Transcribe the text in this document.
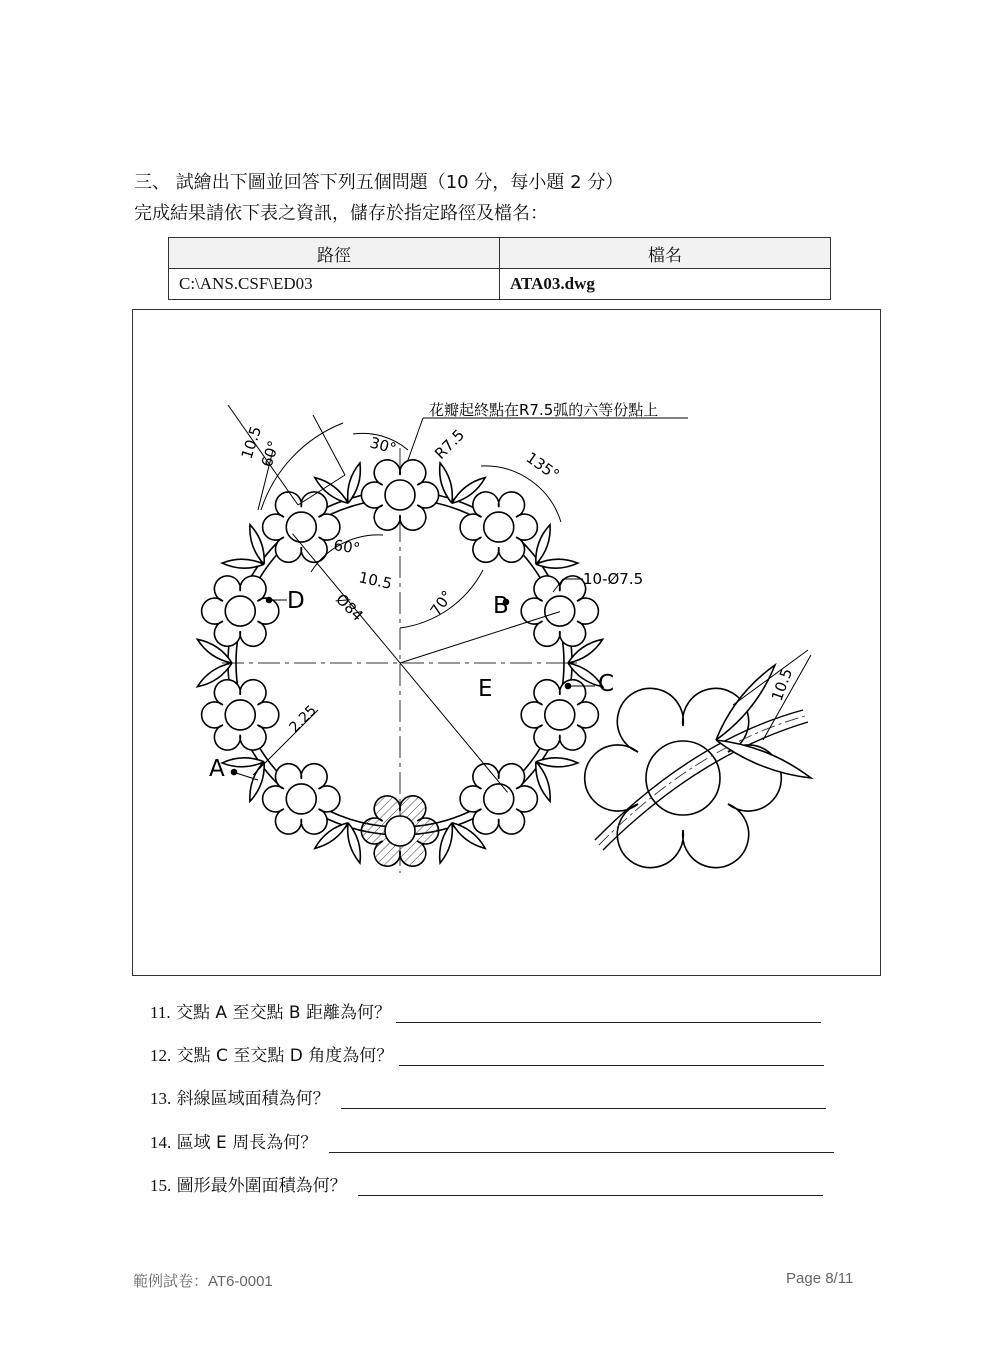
三、 試繪出下圖並回答下列五個問題（10 分，每小題 2 分）
完成結果請依下表之資訊，儲存於指定路徑及檔名：
路徑	檔名
C:\ANS.CSF\ED03	ATA03.dwg
花瓣起終點在R7.5弧的六等份點上
10.5
60°	30° R7.5
135°
60°
10.5
Ø84	70°
10-Ø7.5
2.25
10.5
A
B
C
D
E
11. 交點 A 至交點 B 距離為何？
12. 交點 C 至交點 D 角度為何？
13. 斜線區域面積為何？
14. 區域 E 周長為何？
15. 圖形最外圍面積為何？
範例試卷：AT6-0001	Page 8/11
